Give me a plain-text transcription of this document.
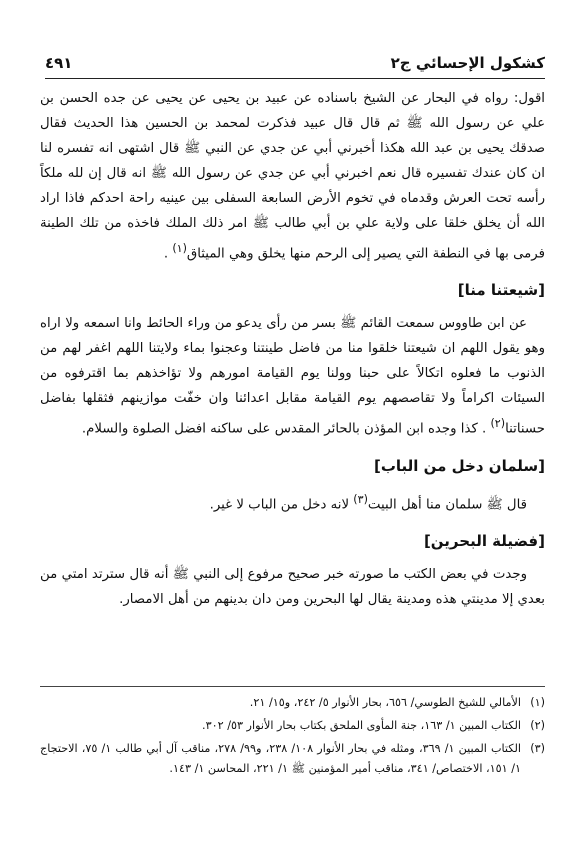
كشكول الإحسائي ج٢
٤٩١

اقول: رواه في البحار عن الشيخ باسناده عن عبيد بن يحيى عن يحيى عن جده الحسن بن علي عن رسول الله ﷺ ثم قال قال عبيد فذكرت لمحمد بن الحسين هذا الحديث فقال صدقك يحيى بن عبد الله هكذا أخبرني أبي عن جدي عن النبي ﷺ قال اشتهى انه تفسره لنا ان كان عندك تفسيره قال نعم اخبرني أبي عن جدي عن رسول الله ﷺ انه قال إن لله ملكاً رأسه تحت العرش وقدماه في تخوم الأرض السابعة السفلى بين عينيه راحة احدكم فاذا اراد الله أن يخلق خلقا على ولاية علي بن أبي طالب ﷺ امر ذلك الملك فاخذه من تلك الطينة فرمى بها في النطفة التي يصير إلى الرحم منها يخلق وهي الميثاق$^{(١)}$ .

[شيعتنا منا]

عن ابن طاووس سمعت القائم ﷺ بسر من رأى يدعو من وراء الحائط وانا اسمعه ولا اراه وهو يقول اللهم ان شيعتنا خلقوا منا من فاضل طينتنا وعجنوا بماء ولايتنا اللهم اغفر لهم من الذنوب ما فعلوه اتكالاً على حبنا وولنا يوم القيامة امورهم ولا تؤاخذهم بما اقترفوه من السيئات اكراماً ولا تقاصصهم يوم القيامة مقابل اعدائنا وان خفّت موازينهم فثقلها بفاضل حسناتنا$^{(٢)}$ . كذا وجده ابن المؤذن بالحائر المقدس على ساكنه افضل الصلوة والسلام.

[سلمان دخل من الباب]

قال ﷺ سلمان منا أهل البيت$^{(٣)}$ لانه دخل من الباب لا غير.

[فضيلة البحرين]

وجدت في بعض الكتب ما صورته خبر صحيح مرفوع إلى النبي ﷺ أنه قال سترتد امتي من بعدي إلا مدينتي هذه ومدينة يقال لها البحرين ومن دان بدينهم من أهل الامصار.

(١)
الأمالي للشيخ الطوسي/ ٦٥٦، بحار الأنوار ٥/ ٢٤٢، و١٥/ ٢١.
(٢)
الكتاب المبين ١/ ١٦٣، جنة المأوى الملحق بكتاب بحار الأنوار ٥٣/ ٣٠٢.
(٣)
الكتاب المبين ١/ ٣٦٩، ومثله في بحار الأنوار ١٠٨/ ٢٣٨، و٩٩/ ٢٧٨، مناقب آل أبي طالب ١/ ٧٥، الاحتجاج ١/ ١٥١، الاختصاص/ ٣٤١، مناقب أمير المؤمنين ﷺ ١/ ٢٢١، المحاسن ١/ ١٤٣.
